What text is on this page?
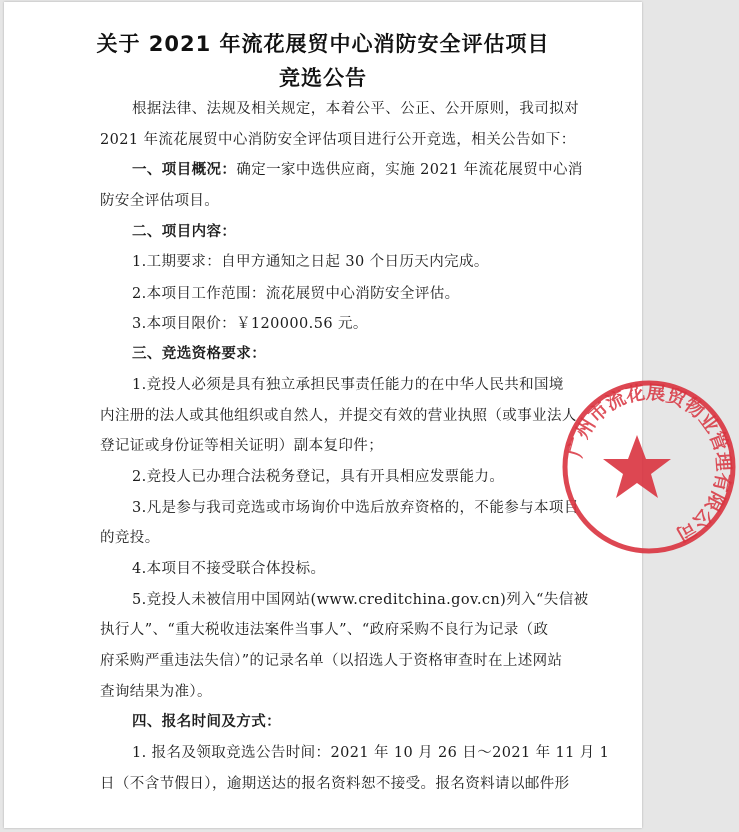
关于 2021 年流花展贸中心消防安全评估项目
竞选公告
根据法律、法规及相关规定，本着公平、公正、公开原则，我司拟对
2021 年流花展贸中心消防安全评估项目进行公开竞选，相关公告如下：
一、项目概况：确定一家中选供应商，实施 2021 年流花展贸中心消
防安全评估项目。
二、项目内容：
1.工期要求：自甲方通知之日起 30 个日历天内完成。
2.本项目工作范围：流花展贸中心消防安全评估。
3.本项目限价：￥120000.56 元。
三、竞选资格要求：
1.竞投人必须是具有独立承担民事责任能力的在中华人民共和国境
内注册的法人或其他组织或自然人，并提交有效的营业执照（或事业法人
登记证或身份证等相关证明）副本复印件；
2.竞投人已办理合法税务登记，具有开具相应发票能力。
3.凡是参与我司竞选或市场询价中选后放弃资格的，不能参与本项目
的竞投。
4.本项目不接受联合体投标。
5.竞投人未被信用中国网站(www.creditchina.gov.cn)列入“失信被
执行人”、“重大税收违法案件当事人”、“政府采购不良行为记录（政
府采购严重违法失信）”的记录名单（以招选人于资格审查时在上述网站
查询结果为准）。
四、报名时间及方式：
1. 报名及领取竞选公告时间：2021 年 10 月 26 日～2021 年 11 月 1
日（不含节假日），逾期送达的报名资料恕不接受。报名资料请以邮件形
广州市流花展贸物业管理有限公司
